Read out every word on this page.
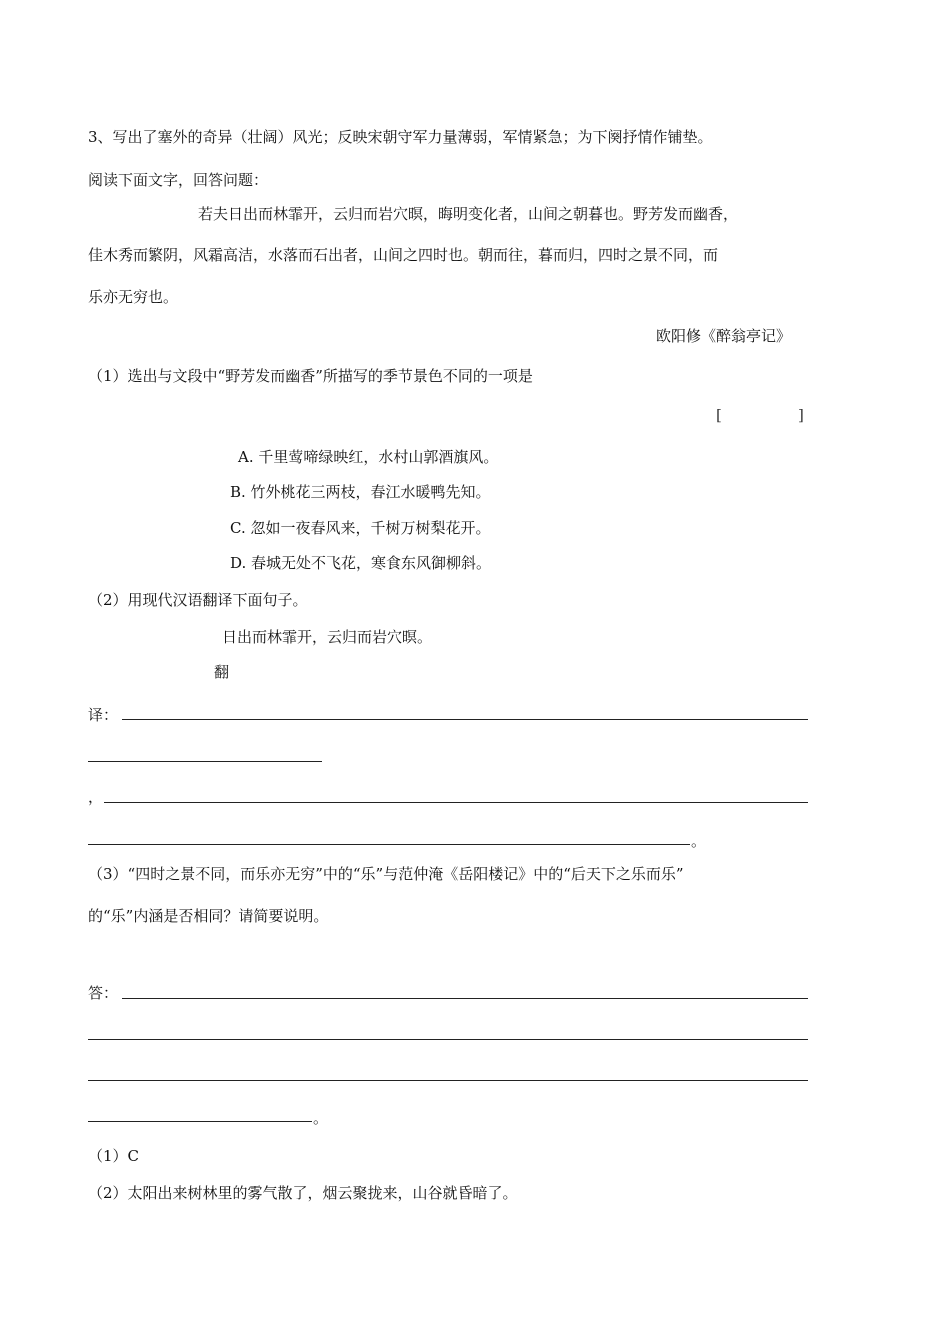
3、写出了塞外的奇异（壮阔）风光；反映宋朝守军力量薄弱，军情紧急；为下阕抒情作铺垫。
阅读下面文字，回答问题：
若夫日出而林霏开，云归而岩穴暝，晦明变化者，山间之朝暮也。野芳发而幽香，
佳木秀而繁阴，风霜高洁，水落而石出者，山间之四时也。朝而往，暮而归，四时之景不同，而
乐亦无穷也。
欧阳修《醉翁亭记》
（1）选出与文段中“野芳发而幽香”所描写的季节景色不同的一项是
[	]
A. 千里莺啼绿映红，水村山郭酒旗风。
B. 竹外桃花三两枝，春江水暖鸭先知。
C. 忽如一夜春风来，千树万树梨花开。
D. 春城无处不飞花，寒食东风御柳斜。
（2）用现代汉语翻译下面句子。
日出而林霏开，云归而岩穴暝。
翻
译：
，
。
（3）“四时之景不同，而乐亦无穷”中的“乐”与范仲淹《岳阳楼记》中的“后天下之乐而乐”
的“乐”内涵是否相同？请简要说明。
答：
。
（1）C
（2）太阳出来树林里的雾气散了，烟云聚拢来，山谷就昏暗了。
